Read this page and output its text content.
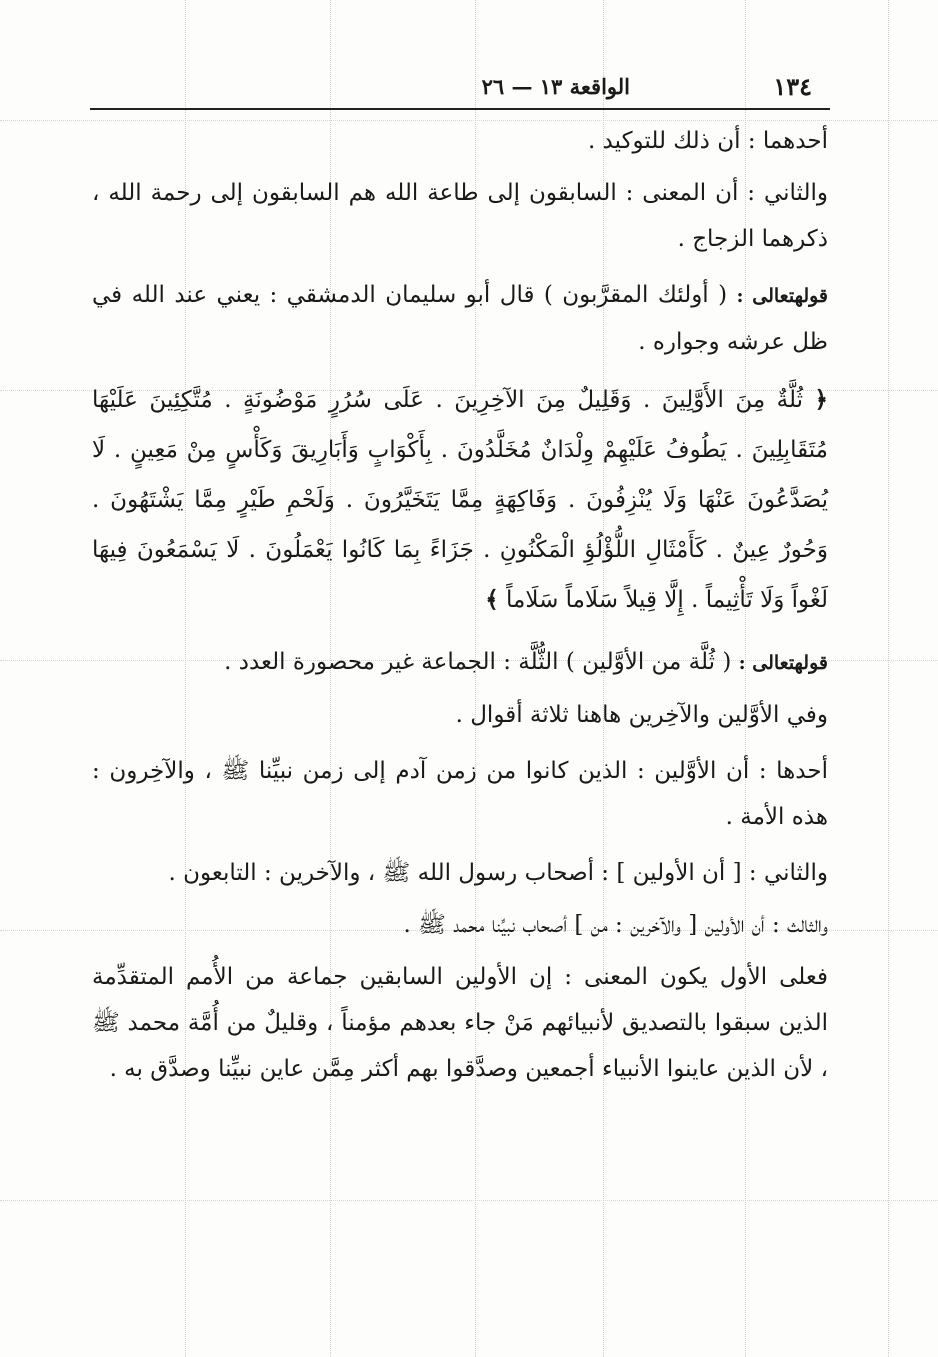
١٣٤
الواقعة ١٣ — ٢٦

أحدهما : أن ذلك للتوكيد .

والثاني : أن المعنى : السابقون إلى طاعة الله هم السابقون إلى رحمة الله ، ذكرهما الزجاج .

قولهتعالى : ( أولئك المقرَّبون ) قال أبو سليمان الدمشقي : يعني عند الله في ظل عرشه وجواره .

﴿ ثُلَّةٌ مِنَ الأَوَّلِينَ . وَقَلِيلٌ مِنَ الآخِرِينَ . عَلَى سُرُرٍ مَوْضُونَةٍ . مُتَّكِئِينَ عَلَيْهَا مُتَقَابِلِينَ . يَطُوفُ عَلَيْهِمْ وِلْدَانٌ مُخَلَّدُونَ . بِأَكْوَابٍ وَأَبَارِيقَ وَكَأْسٍ مِنْ مَعِينٍ . لَا يُصَدَّعُونَ عَنْهَا وَلَا يُنْزِفُونَ . وَفَاكِهَةٍ مِمَّا يَتَخَيَّرُونَ . وَلَحْمِ طَيْرٍ مِمَّا يَشْتَهُونَ . وَحُورٌ عِينٌ . كَأَمْثَالِ اللُّؤْلُؤِ الْمَكْنُونِ . جَزَاءً بِمَا كَانُوا يَعْمَلُونَ . لَا يَسْمَعُونَ فِيهَا لَغْواً وَلَا تَأْثِيماً . إِلَّا قِيلاً سَلَاماً سَلَاماً ﴾

قولهتعالى : ( ثُلَّة من الأوَّلين ) الثُّلَّة : الجماعة غير محصورة العدد .

وفي الأوَّلين والآخِرين هاهنا ثلاثة أقوال .

أحدها : أن الأوَّلين : الذين كانوا من زمن آدم إلى زمن نبيِّنا ﷺ ، والآخِرون : هذه الأمة .

والثاني : [ أن الأولين ] : أصحاب رسول الله ﷺ ، والآخرين : التابعون .

والثالث : أن الأولين [ والآخرين : من ] أصحاب نبيِّنا محمد ﷺ .

فعلى الأول يكون المعنى : إن الأولين السابقين جماعة من الأُمم المتقدِّمة الذين سبقوا بالتصديق لأنبيائهم مَنْ جاء بعدهم مؤمناً ، وقليلٌ من أُمَّة محمد ﷺ ، لأن الذين عاينوا الأنبياء أجمعين وصدَّقوا بهم أكثر مِمَّن عاين نبيِّنا وصدَّق به .
